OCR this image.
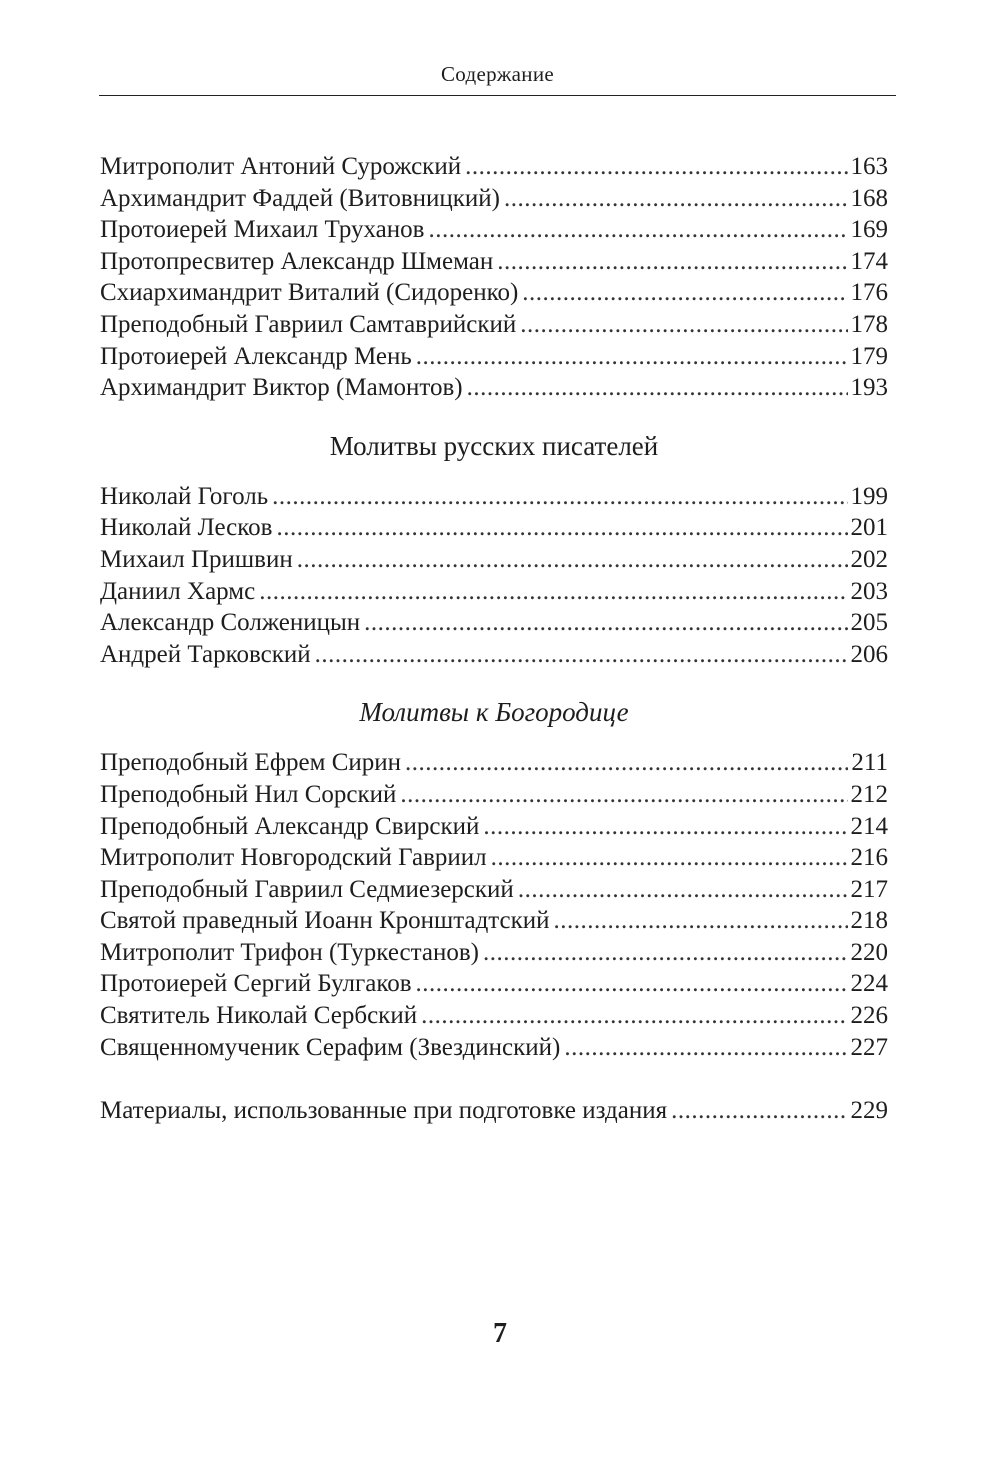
Содержание
Митрополит Антоний Сурожский .....	163
Архимандрит Фаддей (Витовницкий) .....	168
Протоиерей Михаил Труханов .....	169
Протопресвитер Александр Шмеман .....	174
Схиархимандрит Виталий (Сидоренко) .....	176
Преподобный Гавриил Самтаврийский .....	178
Протоиерей Александр Мень .....	179
Архимандрит Виктор (Мамонтов) .....	193
Молитвы русских писателей
Николай Гоголь .....	199
Николай Лесков .....	201
Михаил Пришвин .....	202
Даниил Хармс .....	203
Александр Солженицын .....	205
Андрей Тарковский .....	206
Молитвы к Богородице
Преподобный Ефрем Сирин .....	211
Преподобный Нил Сорский .....	212
Преподобный Александр Свирский .....	214
Митрополит Новгородский Гавриил .....	216
Преподобный Гавриил Седмиезерский .....	217
Святой праведный Иоанн Кронштадтский .....	218
Митрополит Трифон (Туркестанов) .....	220
Протоиерей Сергий Булгаков .....	224
Святитель Николай Сербский .....	226
Священномученик Серафим (Звездинский) .....	227
Материалы, использованные при подготовке издания .....	229
7
